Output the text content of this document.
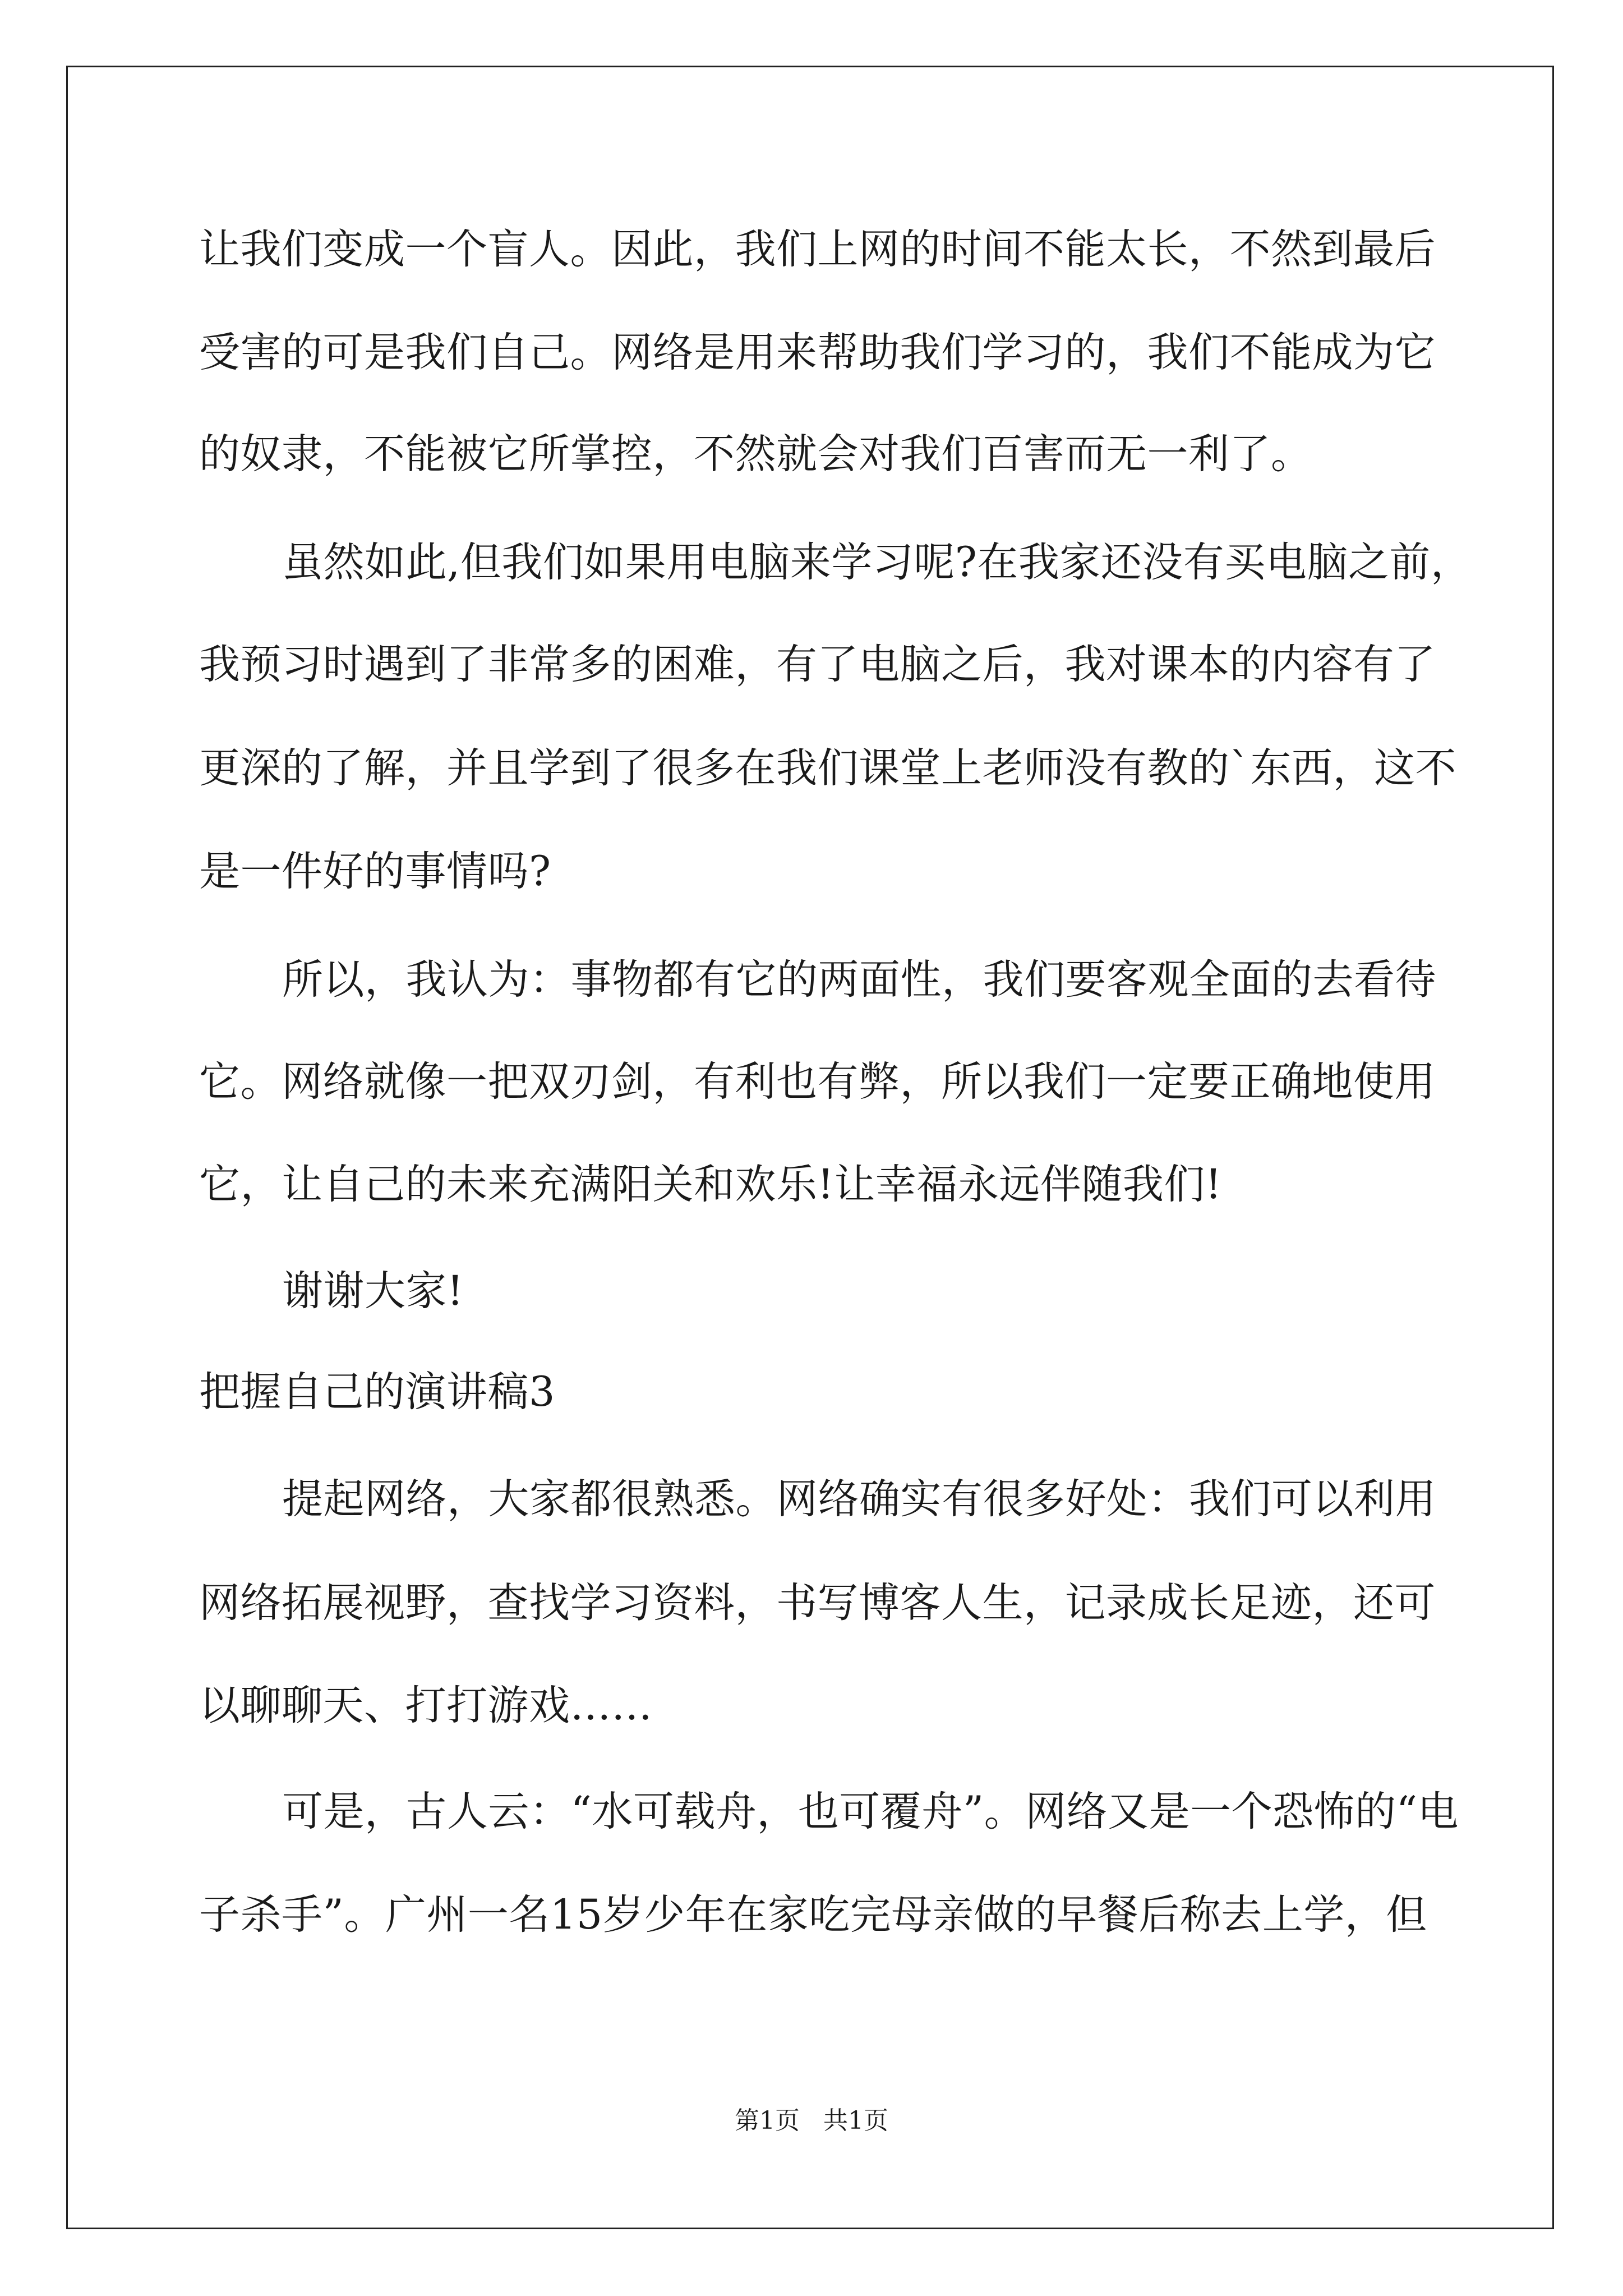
让我们变成一个盲人。因此，我们上网的时间不能太长，不然到最后
受害的可是我们自己。网络是用来帮助我们学习的，我们不能成为它
的奴隶，不能被它所掌控，不然就会对我们百害而无一利了。
虽然如此,但我们如果用电脑来学习呢?在我家还没有买电脑之前，
我预习时遇到了非常多的困难，有了电脑之后，我对课本的内容有了
更深的了解，并且学到了很多在我们课堂上老师没有教的`东西，这不
是一件好的事情吗?
所以，我认为：事物都有它的两面性，我们要客观全面的去看待
它。网络就像一把双刃剑，有利也有弊，所以我们一定要正确地使用
它，让自己的未来充满阳关和欢乐!让幸福永远伴随我们!
谢谢大家!
把握自己的演讲稿3
提起网络，大家都很熟悉。网络确实有很多好处：我们可以利用
网络拓展视野，查找学习资料，书写博客人生，记录成长足迹，还可
以聊聊天、打打游戏……
可是，古人云：“水可载舟，也可覆舟”。网络又是一个恐怖的“电
子杀手”。广州一名15岁少年在家吃完母亲做的早餐后称去上学，但
第1页 共1页
